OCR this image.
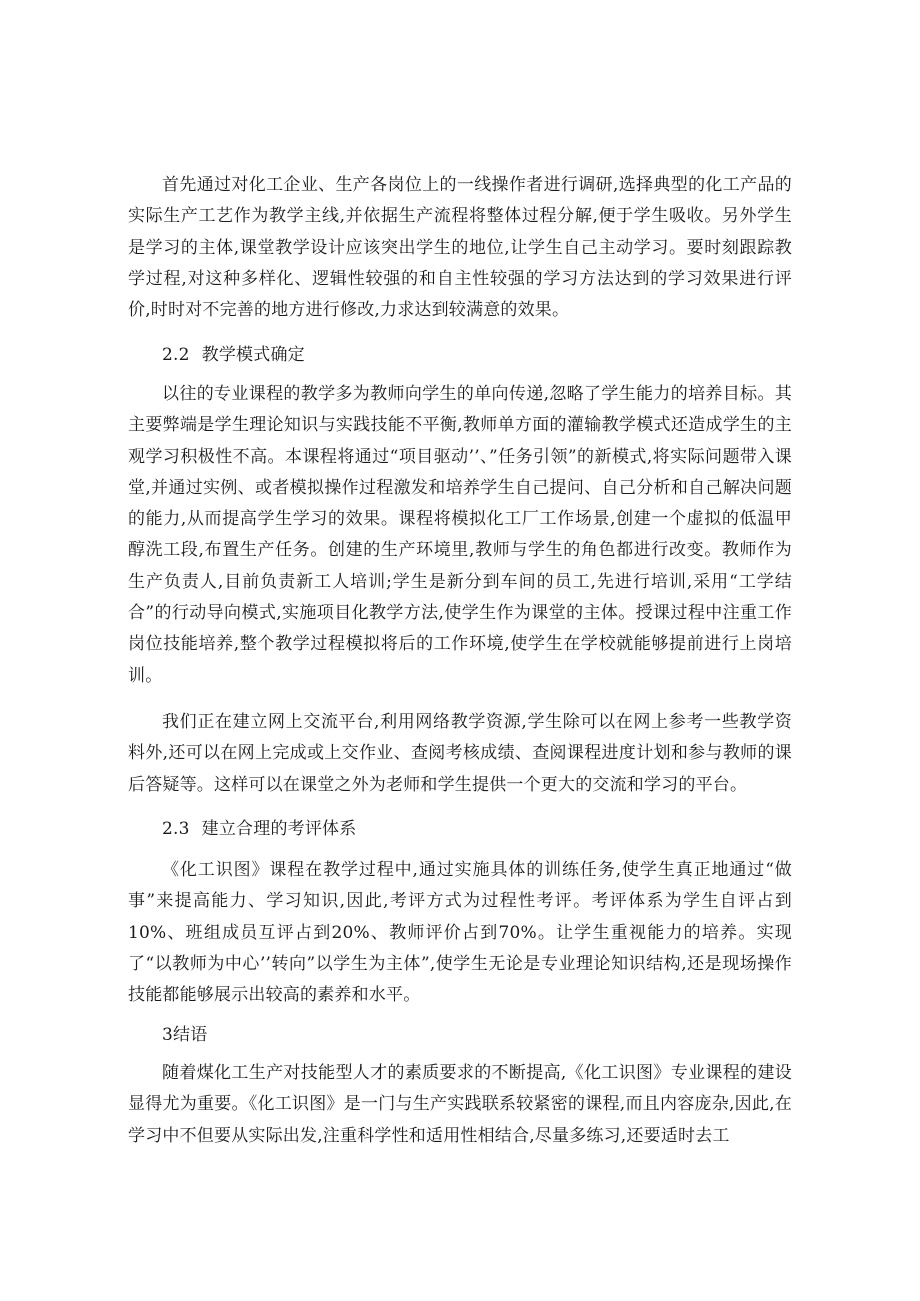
首先通过对化工企业、生产各岗位上的一线操作者进行调研,选择典型的化工产品的实际生产工艺作为教学主线,并依据生产流程将整体过程分解,便于学生吸收。另外学生是学习的主体,课堂教学设计应该突出学生的地位,让学生自己主动学习。要时刻跟踪教学过程,对这种多样化、逻辑性较强的和自主性较强的学习方法达到的学习效果进行评价,时时对不完善的地方进行修改,力求达到较满意的效果。

2.2 教学模式确定

以往的专业课程的教学多为教师向学生的单向传递,忽略了学生能力的培养目标。其主要弊端是学生理论知识与实践技能不平衡,教师单方面的灌输教学模式还造成学生的主观学习积极性不高。本课程将通过“项目驱动’’、”任务引领”的新模式,将实际问题带入课堂,并通过实例、或者模拟操作过程激发和培养学生自己提问、自己分析和自己解决问题的能力,从而提高学生学习的效果。课程将模拟化工厂工作场景,创建一个虚拟的低温甲醇洗工段,布置生产任务。创建的生产环境里,教师与学生的角色都进行改变。教师作为生产负责人,目前负责新工人培训;学生是新分到车间的员工,先进行培训,采用“工学结合”的行动导向模式,实施项目化教学方法,使学生作为课堂的主体。授课过程中注重工作岗位技能培养,整个教学过程模拟将后的工作环境,使学生在学校就能够提前进行上岗培训。

我们正在建立网上交流平台,利用网络教学资源,学生除可以在网上参考一些教学资料外,还可以在网上完成或上交作业、查阅考核成绩、查阅课程进度计划和参与教师的课后答疑等。这样可以在课堂之外为老师和学生提供一个更大的交流和学习的平台。

2.3 建立合理的考评体系

《化工识图》课程在教学过程中,通过实施具体的训练任务,使学生真正地通过“做事”来提高能力、学习知识,因此,考评方式为过程性考评。考评体系为学生自评占到10%、班组成员互评占到20%、教师评价占到70%。让学生重视能力的培养。实现了“以教师为中心’’转向”以学生为主体”,使学生无论是专业理论知识结构,还是现场操作技能都能够展示出较高的素养和水平。

3结语

随着煤化工生产对技能型人才的素质要求的不断提高,《化工识图》专业课程的建设显得尤为重要。《化工识图》是一门与生产实践联系较紧密的课程,而且内容庞杂,因此,在学习中不但要从实际出发,注重科学性和适用性相结合,尽量多练习,还要适时去工
